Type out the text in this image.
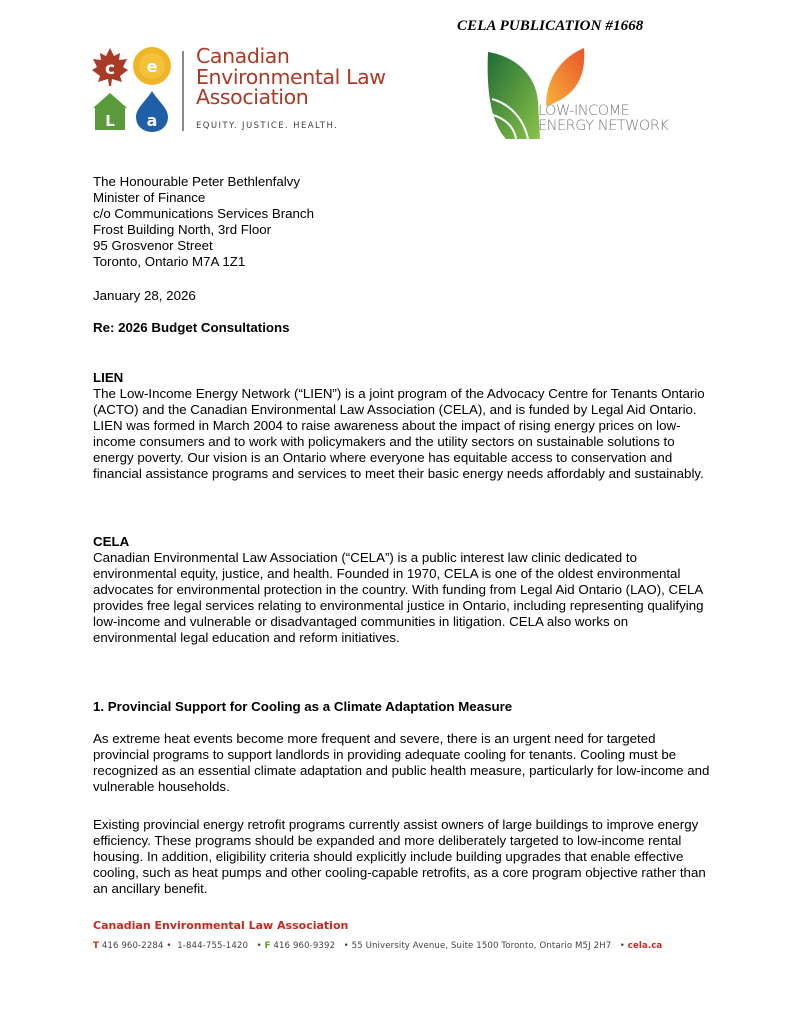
CELA PUBLICATION #1668
c e
L a
Canadian
Environmental Law
Association
EQUITY. JUSTICE. HEALTH.
LOW-INCOME
ENERGY NETWORK

The Honourable Peter Bethlenfalvy

Minister of Finance

c/o Communications Services Branch

Frost Building North, 3rd Floor

95 Grosvenor Street

Toronto, Ontario M7A 1Z1

January 28, 2026
Re: 2026 Budget Consultations

LIEN

The Low-Income Energy Network (“LIEN”) is a joint program of the Advocacy Centre for Tenants Ontario (ACTO) and the Canadian Environmental Law Association (CELA), and is funded by Legal Aid Ontario. LIEN was formed in March 2004 to raise awareness about the impact of rising energy prices on low-income consumers and to work with policymakers and the utility sectors on sustainable solutions to energy poverty. Our vision is an Ontario where everyone has equitable access to conservation and financial assistance programs and services to meet their basic energy needs affordably and sustainably.

CELA

Canadian Environmental Law Association (“CELA”) is a public interest law clinic dedicated to environmental equity, justice, and health. Founded in 1970, CELA is one of the oldest environmental advocates for environmental protection in the country. With funding from Legal Aid Ontario (LAO), CELA provides free legal services relating to environmental justice in Ontario, including representing qualifying low-income and vulnerable or disadvantaged communities in litigation. CELA also works on environmental legal education and reform initiatives.

1. Provincial Support for Cooling as a Climate Adaptation Measure
As extreme heat events become more frequent and severe, there is an urgent need for targeted provincial programs to support landlords in providing adequate cooling for tenants. Cooling must be recognized as an essential climate adaptation and public health measure, particularly for low-income and vulnerable households.
Existing provincial energy retrofit programs currently assist owners of large buildings to improve energy efficiency. These programs should be expanded and more deliberately targeted to low-income rental housing. In addition, eligibility criteria should explicitly include building upgrades that enable effective cooling, such as heat pumps and other cooling-capable retrofits, as a core program objective rather than an ancillary benefit.
Canadian Environmental Law Association
T 416 960-2284 • 1-844-755-1420 • F 416 960-9392 • 55 University Avenue, Suite 1500 Toronto, Ontario M5J 2H7 • cela.ca
